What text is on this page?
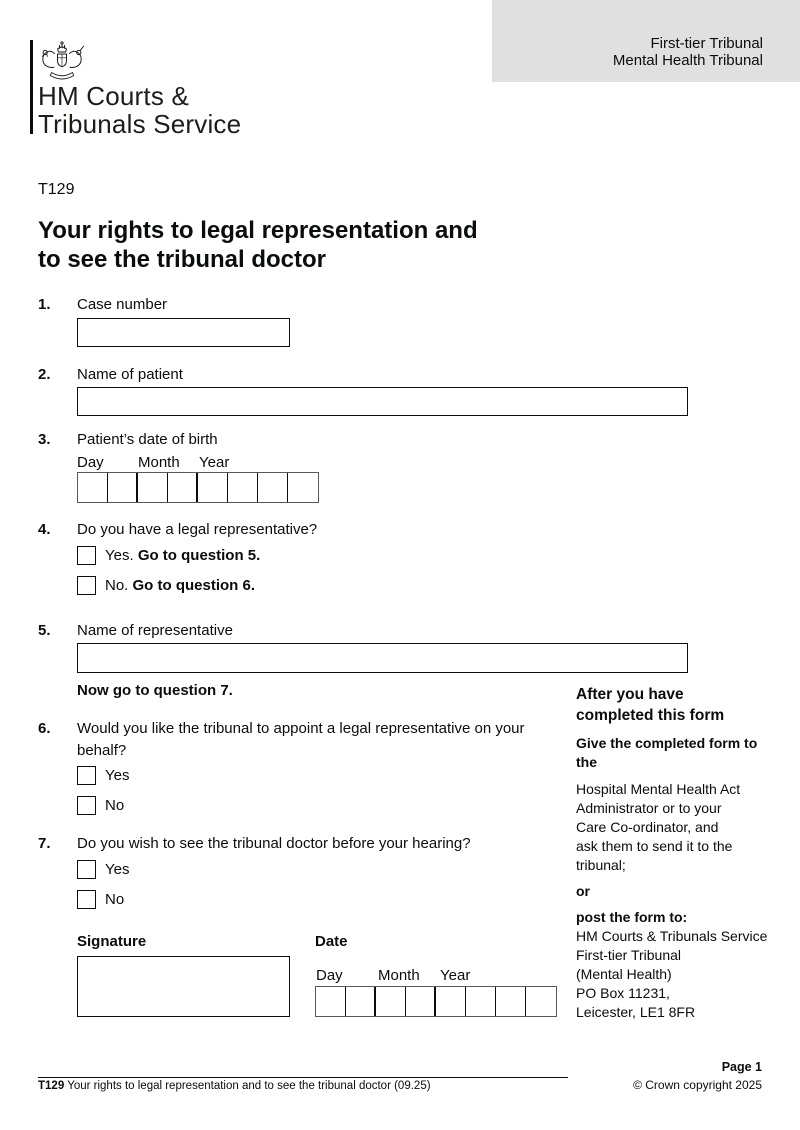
First-tier Tribunal
Mental Health Tribunal
HM Courts &
Tribunals Service
T129
Your rights to legal representation and
to see the tribunal doctor
1. Case number
2. Name of patient
3. Patient’s date of birth
Day Month Year
4. Do you have a legal representative?
Yes. Go to question 5.
No. Go to question 6.
5. Name of representative
Now go to question 7.
6. Would you like the tribunal to appoint a legal representative on your behalf?
Yes
No
7. Do you wish to see the tribunal doctor before your hearing?
Yes
No
Signature	Date
Day Month Year
After you have completed this form
Give the completed form to the
Hospital Mental Health Act
Administrator or to your
Care Co-ordinator, and
ask them to send it to the
tribunal;
or
post the form to:
HM Courts & Tribunals Service
First-tier Tribunal
(Mental Health)
PO Box 11231,
Leicester, LE1 8FR
T129 Your rights to legal representation and to see the tribunal doctor (09.25)
Page 1
© Crown copyright 2025
